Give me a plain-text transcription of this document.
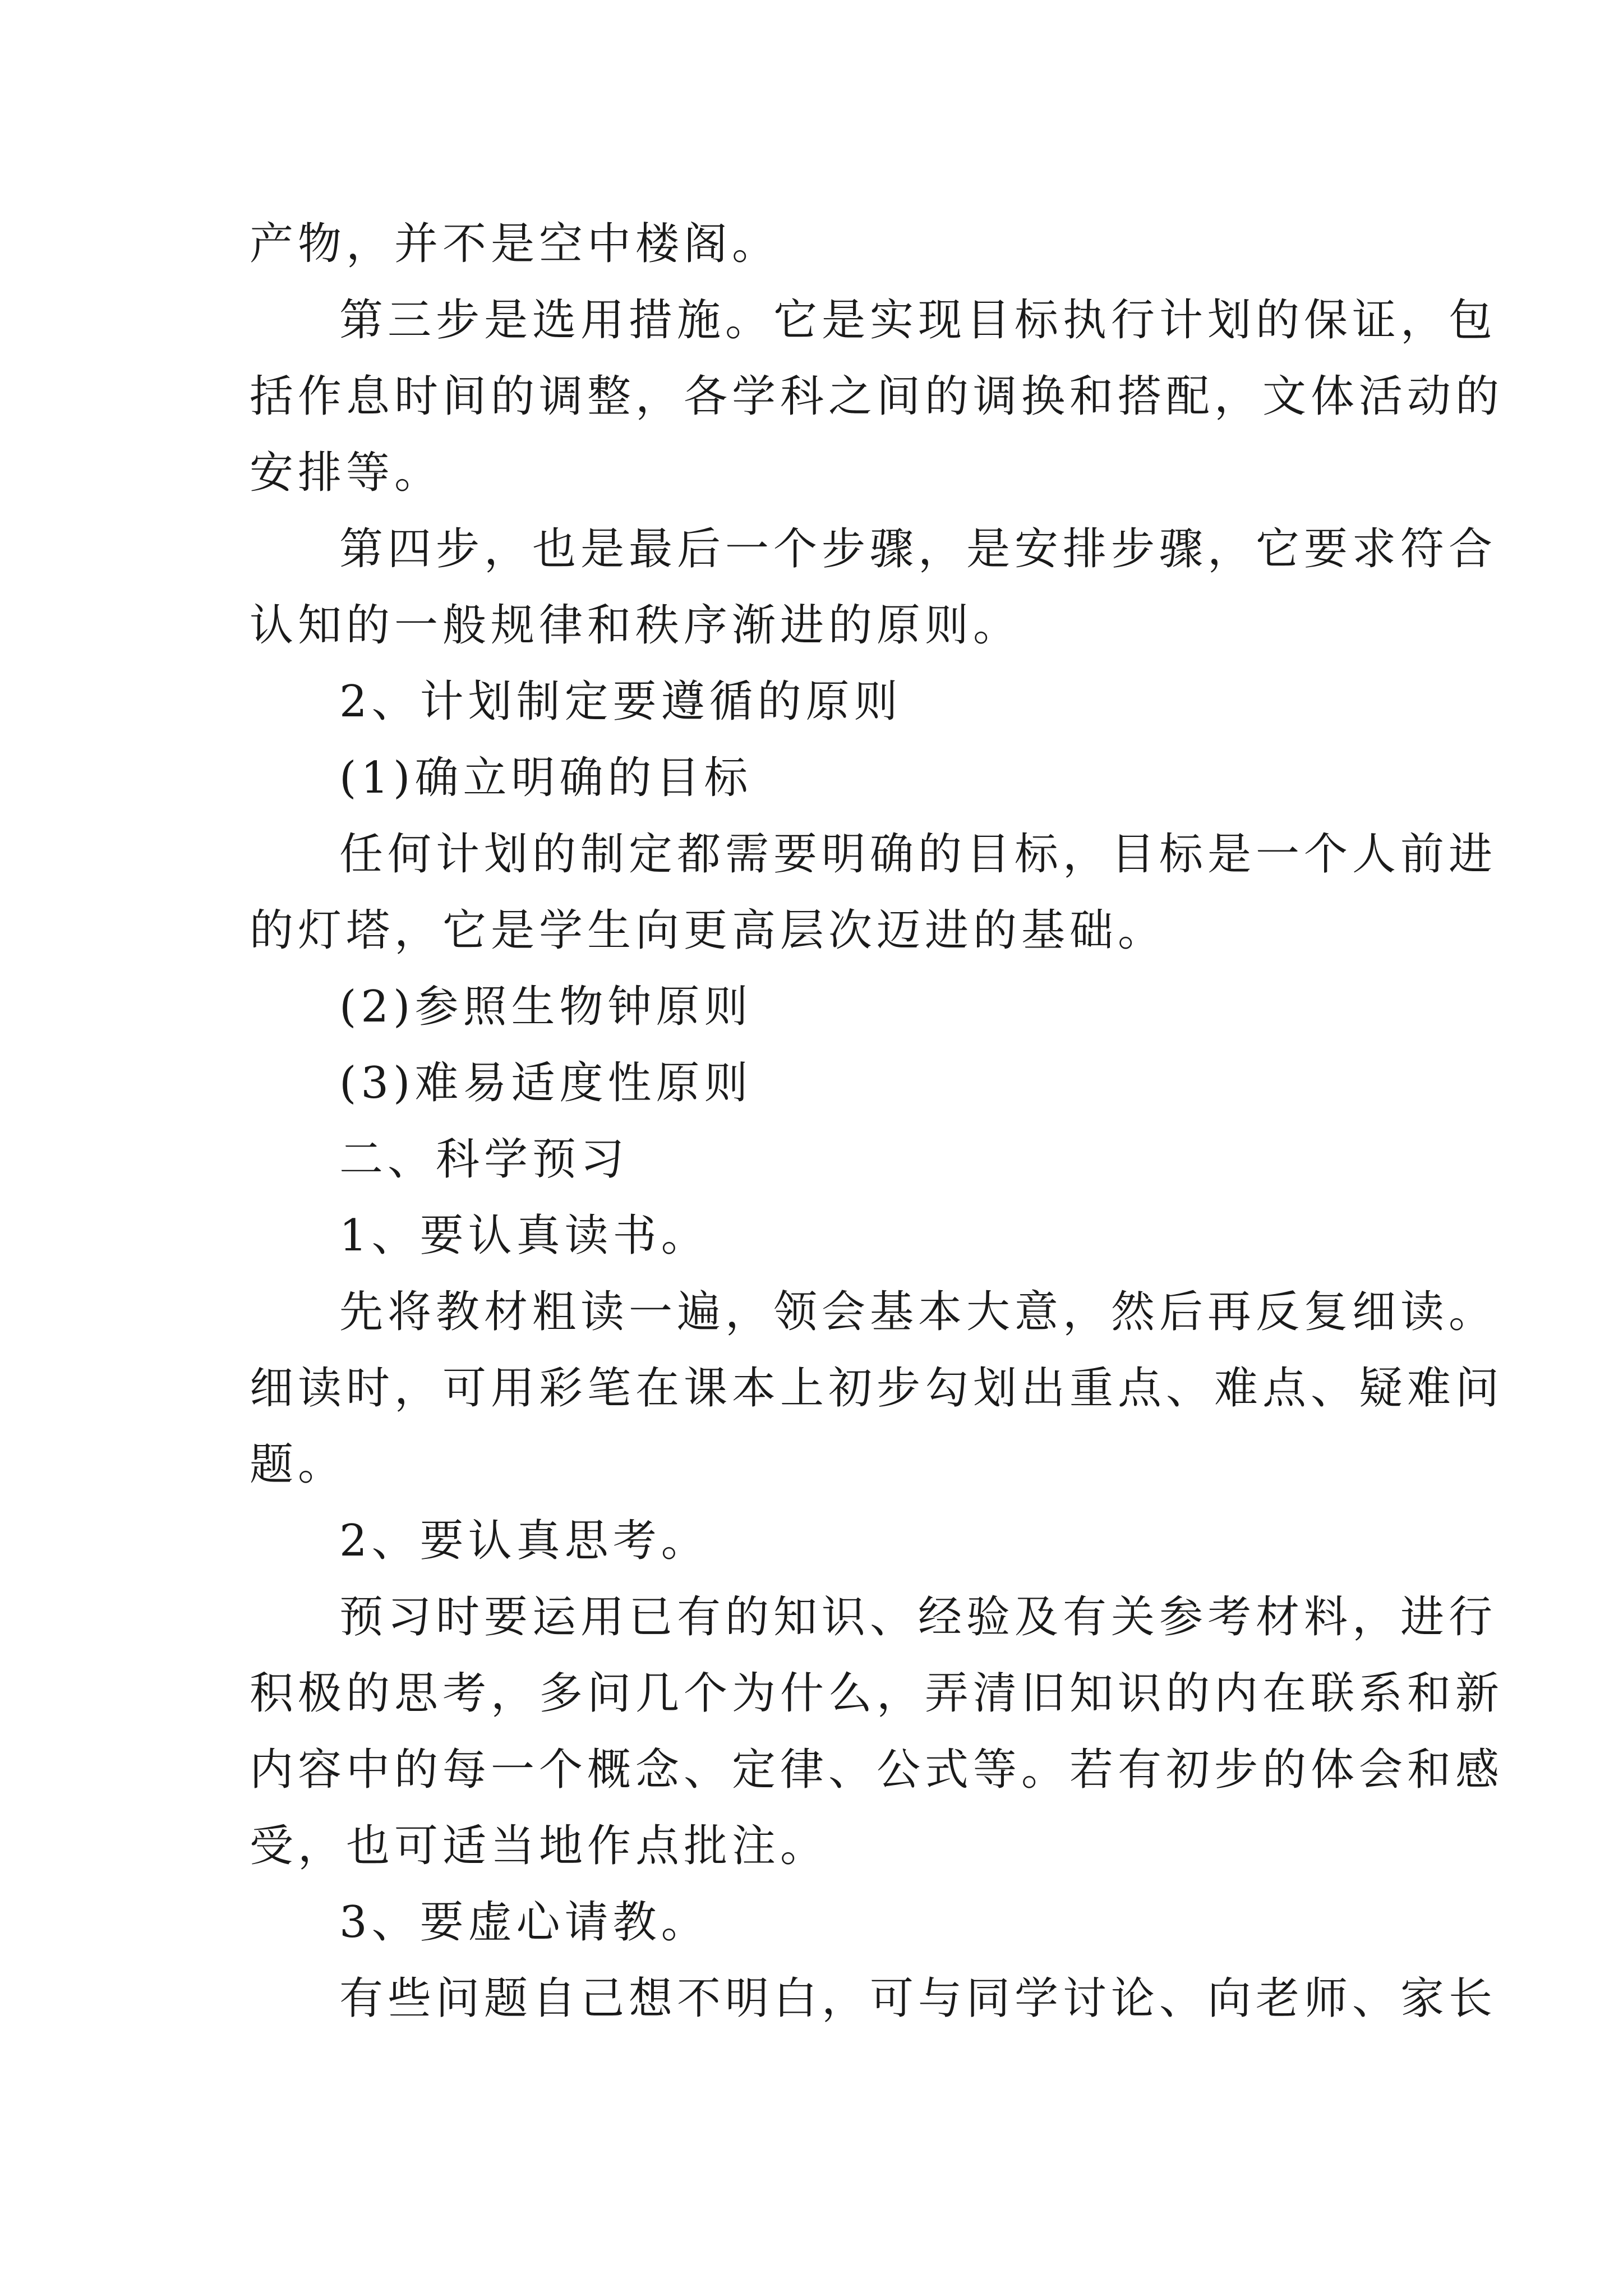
产物，并不是空中楼阁。

第三步是选用措施。它是实现目标执行计划的保证，包

括作息时间的调整，各学科之间的调换和搭配，文体活动的

安排等。

第四步，也是最后一个步骤，是安排步骤，它要求符合

认知的一般规律和秩序渐进的原则。

2、计划制定要遵循的原则

(1)确立明确的目标

任何计划的制定都需要明确的目标，目标是一个人前进

的灯塔，它是学生向更高层次迈进的基础。

(2)参照生物钟原则

(3)难易适度性原则

二、科学预习

1、要认真读书。

先将教材粗读一遍，领会基本大意，然后再反复细读。

细读时，可用彩笔在课本上初步勾划出重点、难点、疑难问

题。

2、要认真思考。

预习时要运用已有的知识、经验及有关参考材料，进行

积极的思考，多问几个为什么，弄清旧知识的内在联系和新

内容中的每一个概念、定律、公式等。若有初步的体会和感

受，也可适当地作点批注。

3、要虚心请教。

有些问题自己想不明白，可与同学讨论、向老师、家长
